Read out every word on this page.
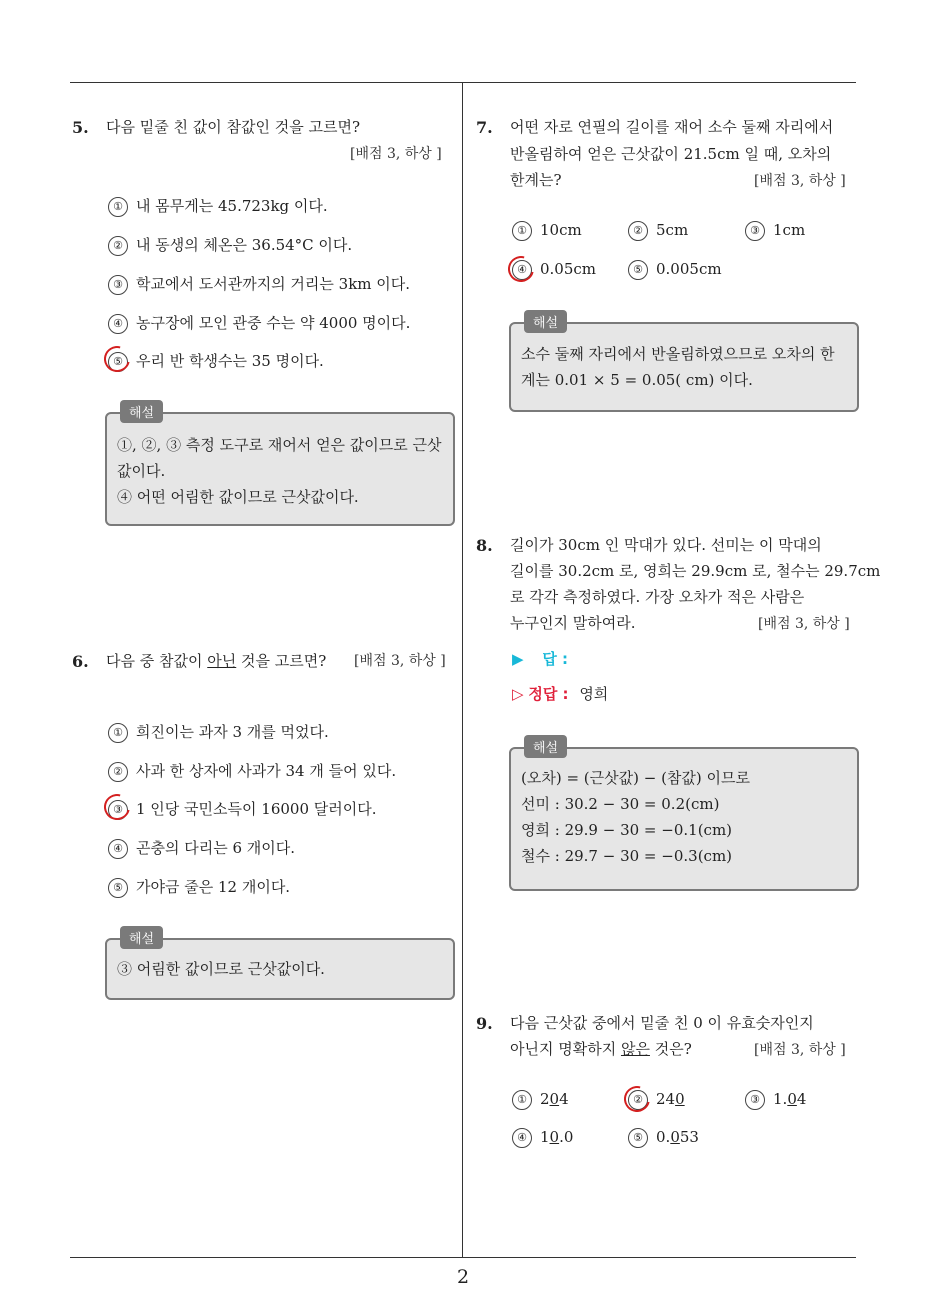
5. 다음 밑줄 친 값이 참값인 것을 고르면?
[배점 3, 하상 ]
① 내 몸무게는 45.723kg 이다.
② 내 동생의 체온은 36.54°C 이다.
③ 학교에서 도서관까지의 거리는 3km 이다.
④ 농구장에 모인 관중 수는 약 4000 명이다.
⑤ 우리 반 학생수는 35 명이다.
①, ②, ③ 측정 도구로 재어서 얻은 값이므로 근삿값이다.
④ 어떤 어림한 값이므로 근삿값이다.
해설
6. 다음 중 참값이 아닌 것을 고르면? [배점 3, 하상 ]
① 희진이는 과자 3 개를 먹었다.
② 사과 한 상자에 사과가 34 개 들어 있다.
③ 1 인당 국민소득이 16000 달러이다.
④ 곤충의 다리는 6 개이다.
⑤ 가야금 줄은 12 개이다.
③ 어림한 값이므로 근삿값이다.
해설
7. 어떤 자로 연필의 길이를 재어 소수 둘째 자리에서
반올림하여 얻은 근삿값이 21.5cm 일 때, 오차의
한계는?	[배점 3, 하상 ]
① 10cm	② 5cm	③ 1cm
④ 0.05cm	⑤ 0.005cm
소수 둘째 자리에서 반올림하였으므로 오차의 한
계는 0.01 × 5 = 0.05( cm) 이다.
해설
8. 길이가 30cm 인 막대가 있다. 선미는 이 막대의
길이를 30.2cm 로, 영희는 29.9cm 로, 철수는 29.7cm
로 각각 측정하였다. 가장 오차가 적은 사람은
누구인지 말하여라.	[배점 3, 하상 ]
▶ 답 :
▷ 정답 : 영희
(오차) = (근삿값) − (참값) 이므로
선미 : 30.2 − 30 = 0.2(cm)
영희 : 29.9 − 30 = −0.1(cm)
철수 : 29.7 − 30 = −0.3(cm)
해설
9. 다음 근삿값 중에서 밑줄 친 0 이 유효숫자인지
아닌지 명확하지 않은 것은?	[배점 3, 하상 ]
① 204	② 240	③ 1.04
④ 10.0	⑤ 0.053
2
